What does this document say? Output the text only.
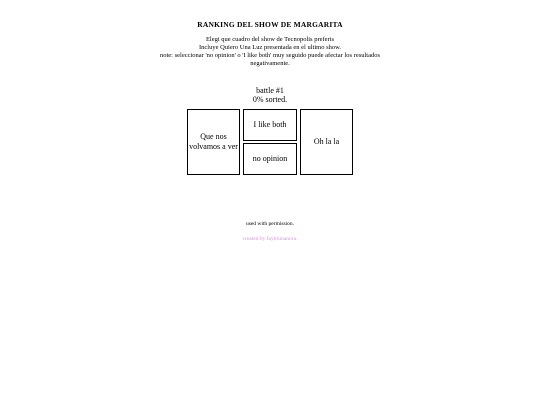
RANKING DEL SHOW DE MARGARITA
Elegi que cuadro del show de Tecnopolis preferis
Incluye Quiero Una Luz presentada en el ultimo show.
note: seleccionar 'no opinion' o 'I like both' muy seguido puede afectar los resultados
negativamente.
battle #1
0% sorted.
Que nos volvamos a ver
I like both
no opinion
Oh la la
used with permission.
created by faybrunanora.
